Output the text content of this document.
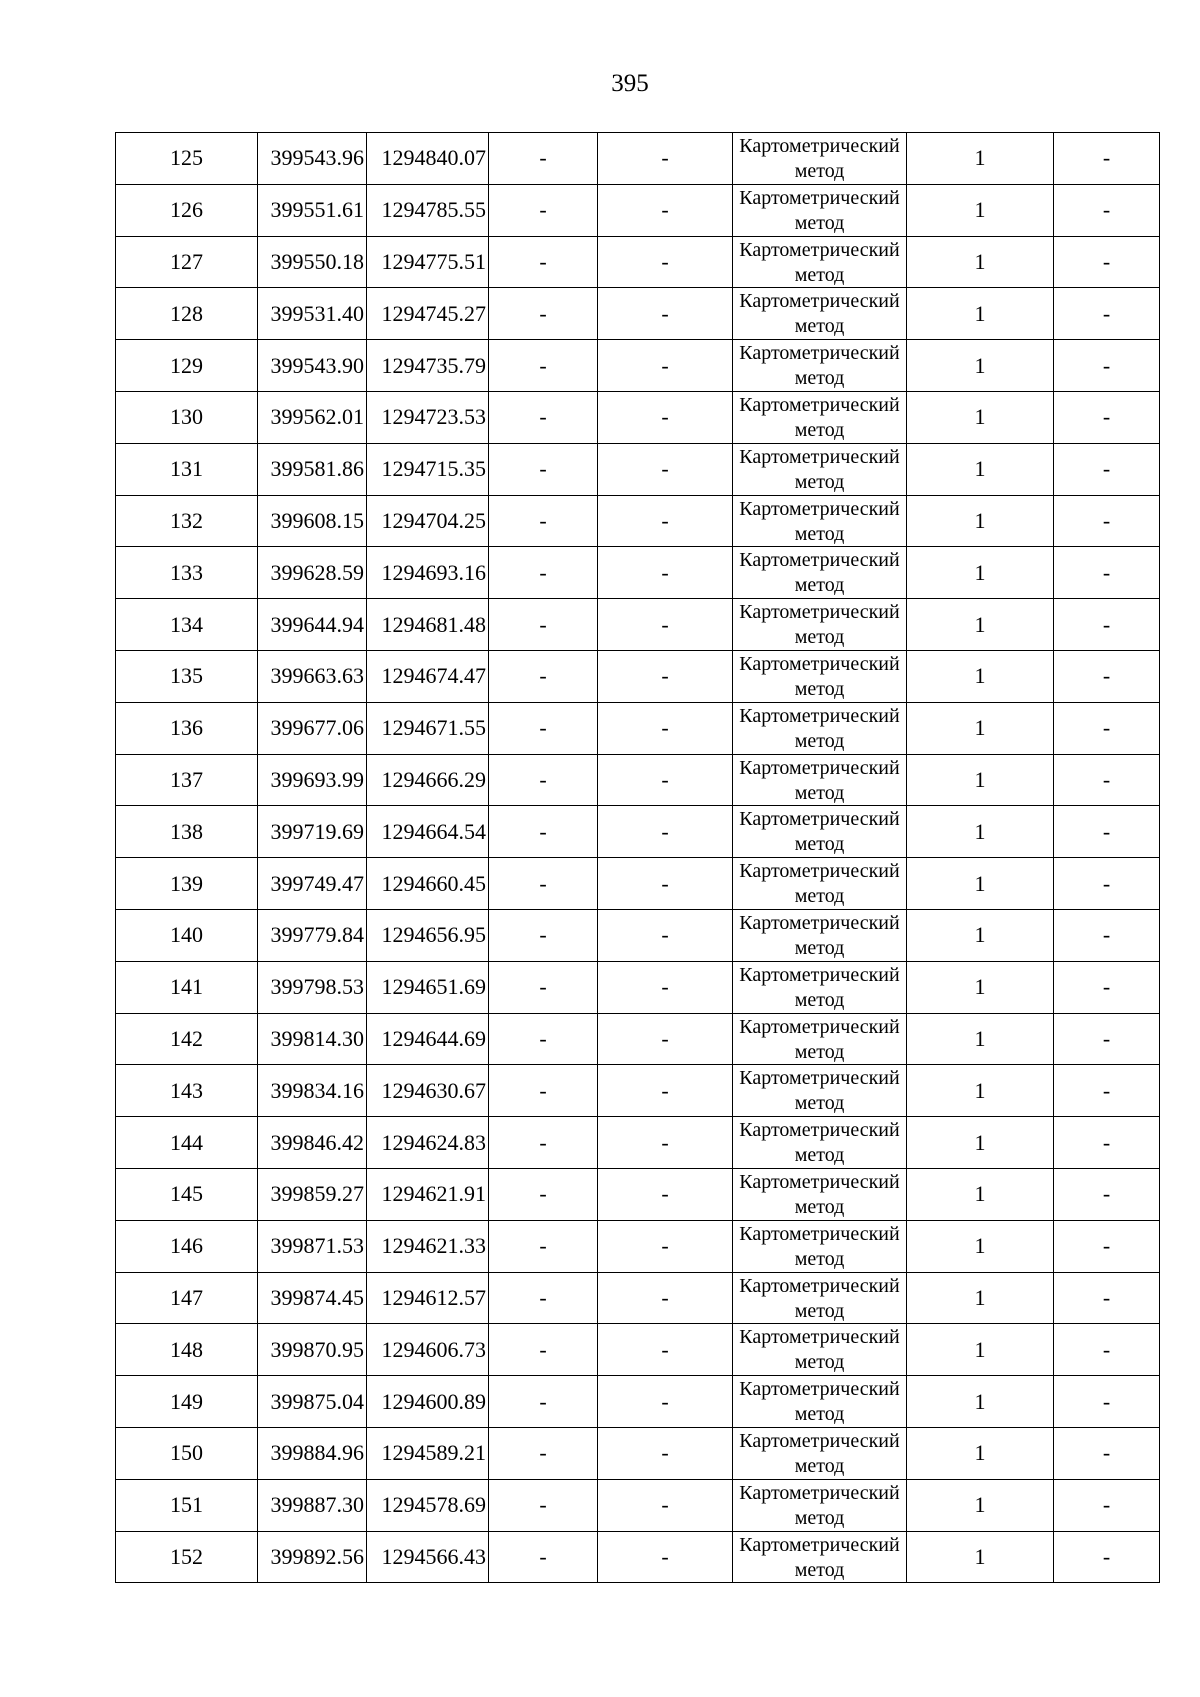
395
125	399543.96	1294840.07	-	-	Картометрический метод	1	-
126	399551.61	1294785.55	-	-	Картометрический метод	1	-
127	399550.18	1294775.51	-	-	Картометрический метод	1	-
128	399531.40	1294745.27	-	-	Картометрический метод	1	-
129	399543.90	1294735.79	-	-	Картометрический метод	1	-
130	399562.01	1294723.53	-	-	Картометрический метод	1	-
131	399581.86	1294715.35	-	-	Картометрический метод	1	-
132	399608.15	1294704.25	-	-	Картометрический метод	1	-
133	399628.59	1294693.16	-	-	Картометрический метод	1	-
134	399644.94	1294681.48	-	-	Картометрический метод	1	-
135	399663.63	1294674.47	-	-	Картометрический метод	1	-
136	399677.06	1294671.55	-	-	Картометрический метод	1	-
137	399693.99	1294666.29	-	-	Картометрический метод	1	-
138	399719.69	1294664.54	-	-	Картометрический метод	1	-
139	399749.47	1294660.45	-	-	Картометрический метод	1	-
140	399779.84	1294656.95	-	-	Картометрический метод	1	-
141	399798.53	1294651.69	-	-	Картометрический метод	1	-
142	399814.30	1294644.69	-	-	Картометрический метод	1	-
143	399834.16	1294630.67	-	-	Картометрический метод	1	-
144	399846.42	1294624.83	-	-	Картометрический метод	1	-
145	399859.27	1294621.91	-	-	Картометрический метод	1	-
146	399871.53	1294621.33	-	-	Картометрический метод	1	-
147	399874.45	1294612.57	-	-	Картометрический метод	1	-
148	399870.95	1294606.73	-	-	Картометрический метод	1	-
149	399875.04	1294600.89	-	-	Картометрический метод	1	-
150	399884.96	1294589.21	-	-	Картометрический метод	1	-
151	399887.30	1294578.69	-	-	Картометрический метод	1	-
152	399892.56	1294566.43	-	-	Картометрический метод	1	-
